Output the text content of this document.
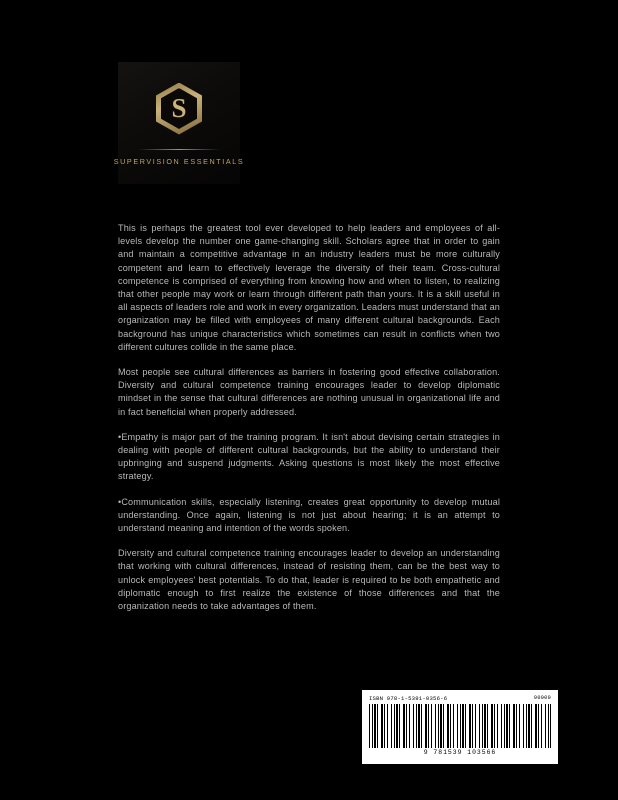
S
SUPERVISION ESSENTIALS

This is perhaps the greatest tool ever developed to help leaders and employees of all-levels develop the number one game-changing skill. Scholars agree that in order to gain and maintain a competitive advantage in an industry leaders must be more culturally competent and learn to effectively leverage the diversity of their team. Cross-cultural competence is comprised of everything from knowing how and when to listen, to realizing that other people may work or learn through different path than yours. It is a skill useful in all aspects of leaders role and work in every organization. Leaders must understand that an organization may be filled with employees of many different cultural backgrounds. Each background has unique characteristics which sometimes can result in conflicts when two different cultures collide in the same place.

Most people see cultural differences as barriers in fostering good effective collaboration. Diversity and cultural competence training encourages leader to develop diplomatic mindset in the sense that cultural differences are nothing unusual in organizational life and in fact beneficial when properly addressed.

•Empathy is major part of the training program. It isn't about devising certain strategies in dealing with people of different cultural backgrounds, but the ability to understand their upbringing and suspend judgments. Asking questions is most likely the most effective strategy.

•Communication skills, especially listening, creates great opportunity to develop mutual understanding. Once again, listening is not just about hearing; it is an attempt to understand meaning and intention of the words spoken.

Diversity and cultural competence training encourages leader to develop an understanding that working with cultural differences, instead of resisting them, can be the best way to unlock employees' best potentials. To do that, leader is required to be both empathetic and diplomatic enough to first realize the existence of those differences and that the organization needs to take advantages of them.

ISBN 978-1-5391-0356-6	90000
9 781539 103566
